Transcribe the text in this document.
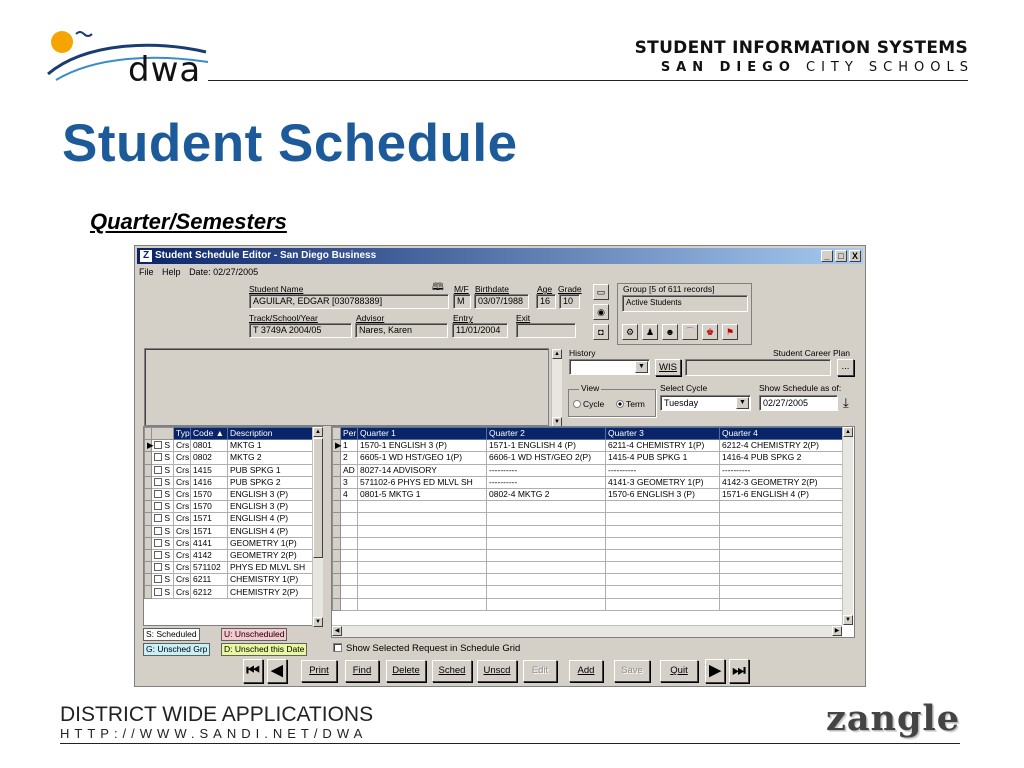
dwa
STUDENT INFORMATION SYSTEMS
SAN DIEGO CITY SCHOOLS
Student Schedule
Quarter/Semesters
Z Student Schedule Editor - San Diego Business	_ □ X
File Help Date: 02/27/2005
Student Name	🕮
AGUILAR, EDGAR [030788389]
M/F
M
Birthdate
03/07/1988
Age
16
Grade
10
Track/School/Year
T 3749A 2004/05
Advisor
Nares, Karen
Entry
11/01/2004
Exit
▭
◉
◘
Group [5 of 611 records]
Active Students
⚙	♟	☻	⌒	♚	⚑
▲
▼
History
▼	WIS
Student Career Plan
...
View
Cycle	Term
Select Cycle
Tuesday	▼
Show Schedule as of:
02/27/2005	⤓
		Typ	Code ▲	Description
▶	S	Crs	0801	MKTG 1
	S	Crs	0802	MKTG 2
	S	Crs	1415	PUB SPKG 1
	S	Crs	1416	PUB SPKG 2
	S	Crs	1570	ENGLISH 3 (P)
	S	Crs	1570	ENGLISH 3 (P)
	S	Crs	1571	ENGLISH 4 (P)
	S	Crs	1571	ENGLISH 4 (P)
	S	Crs	4141	GEOMETRY 1(P)
	S	Crs	4142	GEOMETRY 2(P)
	S	Crs	571102	PHYS ED MLVL SH
	S	Crs	6211	CHEMISTRY 1(P)
	S	Crs	6212	CHEMISTRY 2(P)
▲
▼
	Per	Quarter 1	Quarter 2	Quarter 3	Quarter 4
▶	1	1570-1 ENGLISH 3 (P)	1571-1 ENGLISH 4 (P)	6211-4 CHEMISTRY 1(P)	6212-4 CHEMISTRY 2(P)
	2	6605-1 WD HST/GEO 1(P)	6606-1 WD HST/GEO 2(P)	1415-4 PUB SPKG 1	1416-4 PUB SPKG 2
	AD	8027-14 ADVISORY	----------	----------	----------
	3	571102-6 PHYS ED MLVL SH	----------	4141-3 GEOMETRY 1(P)	4142-3 GEOMETRY 2(P)
	4	0801-5 MKTG 1	0802-4 MKTG 2	1570-6 ENGLISH 3 (P)	1571-6 ENGLISH 4 (P)

▲
▼
◀	▶
S: Scheduled	U: Unscheduled
G: Unsched Grp	D: Unsched this Date	Show Selected Request in Schedule Grid
⏮ ◀	Print	Find	Delete	Sched	Unscd	Edit	Add	Save	Quit	▶ ⏭
DISTRICT WIDE APPLICATIONS
HTTP://WWW.SANDI.NET/DWA	zangle
